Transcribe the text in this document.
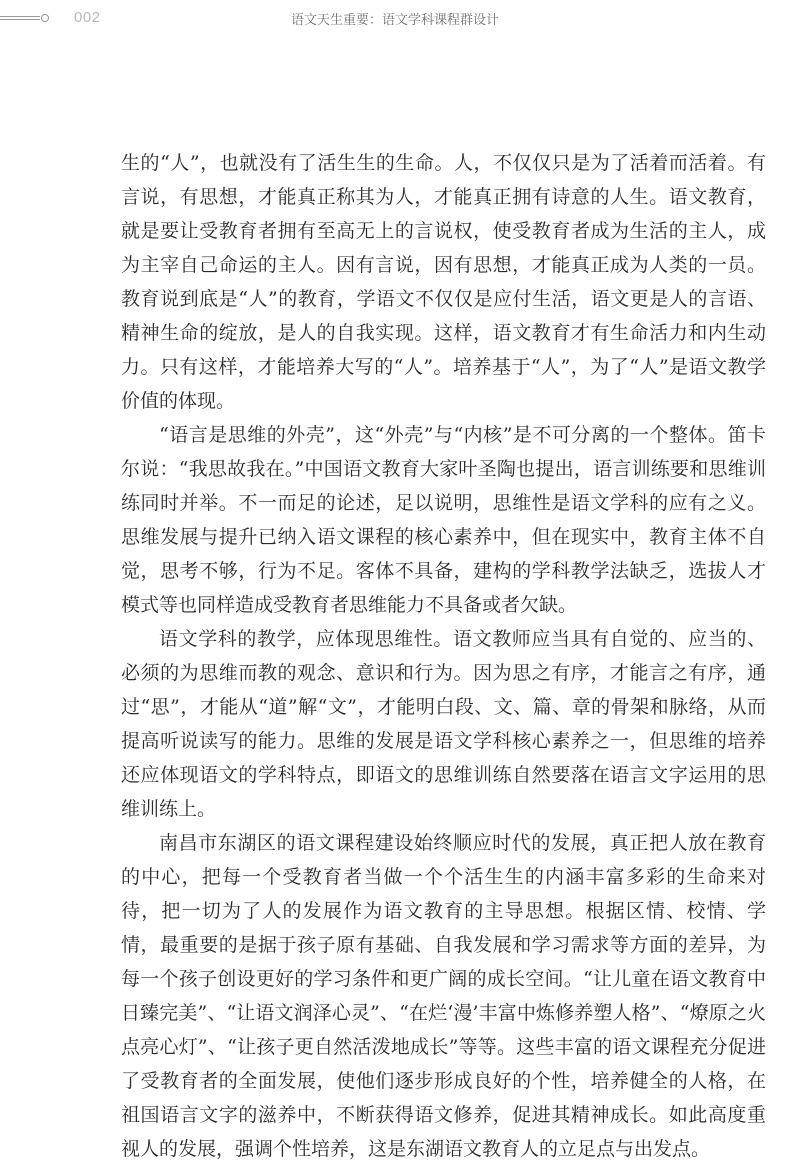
002	语文天生重要：语文学科课程群设计

生的“人”，也就没有了活生生的生命。人，不仅仅只是为了活着而活着。有言说，有思想，才能真正称其为人，才能真正拥有诗意的人生。语文教育，就是要让受教育者拥有至高无上的言说权，使受教育者成为生活的主人，成为主宰自己命运的主人。因有言说，因有思想，才能真正成为人类的一员。教育说到底是“人”的教育，学语文不仅仅是应付生活，语文更是人的言语、精神生命的绽放，是人的自我实现。这样，语文教育才有生命活力和内生动力。只有这样，才能培养大写的“人”。培养基于“人”，为了“人”是语文教学价值的体现。

“语言是思维的外壳”，这“外壳”与“内核”是不可分离的一个整体。笛卡尔说：“我思故我在。”中国语文教育大家叶圣陶也提出，语言训练要和思维训练同时并举。不一而足的论述，足以说明，思维性是语文学科的应有之义。思维发展与提升已纳入语文课程的核心素养中，但在现实中，教育主体不自觉，思考不够，行为不足。客体不具备，建构的学科教学法缺乏，选拔人才模式等也同样造成受教育者思维能力不具备或者欠缺。

语文学科的教学，应体现思维性。语文教师应当具有自觉的、应当的、必须的为思维而教的观念、意识和行为。因为思之有序，才能言之有序，通过“思”，才能从“道”解“文”，才能明白段、文、篇、章的骨架和脉络，从而提高听说读写的能力。思维的发展是语文学科核心素养之一，但思维的培养还应体现语文的学科特点，即语文的思维训练自然要落在语言文字运用的思维训练上。

南昌市东湖区的语文课程建设始终顺应时代的发展，真正把人放在教育的中心，把每一个受教育者当做一个个活生生的内涵丰富多彩的生命来对待，把一切为了人的发展作为语文教育的主导思想。根据区情、校情、学情，最重要的是据于孩子原有基础、自我发展和学习需求等方面的差异，为每一个孩子创设更好的学习条件和更广阔的成长空间。“让儿童在语文教育中日臻完美”、“让语文润泽心灵”、“在烂‘漫’丰富中炼修养塑人格”、“燎原之火　点亮心灯”、“让孩子更自然活泼地成长”等等。这些丰富的语文课程充分促进了受教育者的全面发展，使他们逐步形成良好的个性，培养健全的人格，在祖国语言文字的滋养中，不断获得语文修养，促进其精神成长。如此高度重视人的发展，强调个性培养，这是东湖语文教育人的立足点与出发点。
